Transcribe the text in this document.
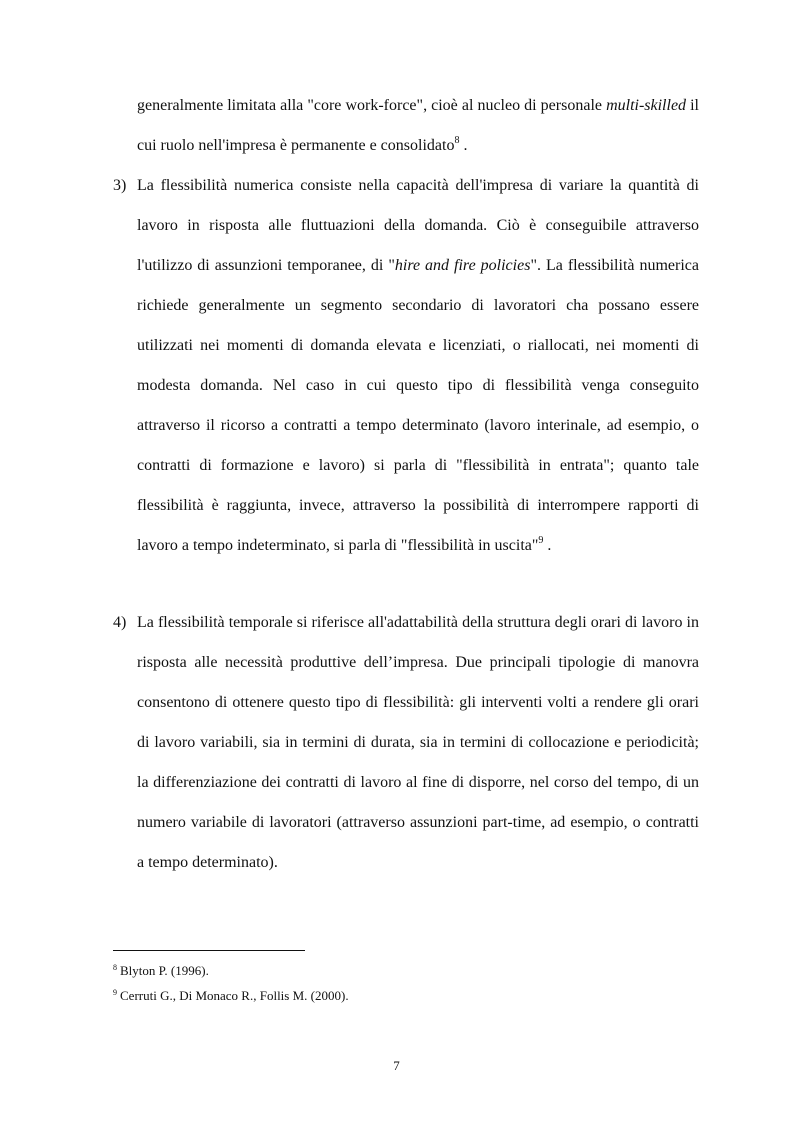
generalmente limitata alla "core work-force", cioè al nucleo di personale multi-skilled il cui ruolo nell'impresa è permanente e consolidato$^8$ .

3) La flessibilità numerica consiste nella capacità dell'impresa di variare la quantità di lavoro in risposta alle fluttuazioni della domanda. Ciò è conseguibile attraverso l'utilizzo di assunzioni temporanee, di "hire and fire policies". La flessibilità numerica richiede generalmente un segmento secondario di lavoratori cha possano essere utilizzati nei momenti di domanda elevata e licenziati, o riallocati, nei momenti di modesta domanda. Nel caso in cui questo tipo di flessibilità venga conseguito attraverso il ricorso a contratti a tempo determinato (lavoro interinale, ad esempio, o contratti di formazione e lavoro) si parla di "flessibilità in entrata"; quanto tale flessibilità è raggiunta, invece, attraverso la possibilità di interrompere rapporti di lavoro a tempo indeterminato, si parla di "flessibilità in uscita"$^9$ .

4) La flessibilità temporale si riferisce all'adattabilità della struttura degli orari di lavoro in risposta alle necessità produttive dell’impresa. Due principali tipologie di manovra consentono di ottenere questo tipo di flessibilità: gli interventi volti a rendere gli orari di lavoro variabili, sia in termini di durata, sia in termini di collocazione e periodicità; la differenziazione dei contratti di lavoro al fine di disporre, nel corso del tempo, di un numero variabile di lavoratori (attraverso assunzioni part-time, ad esempio, o contratti a tempo determinato).

$^8$ Blyton P. (1996).

$^9$ Cerruti G., Di Monaco R., Follis M. (2000).

7
